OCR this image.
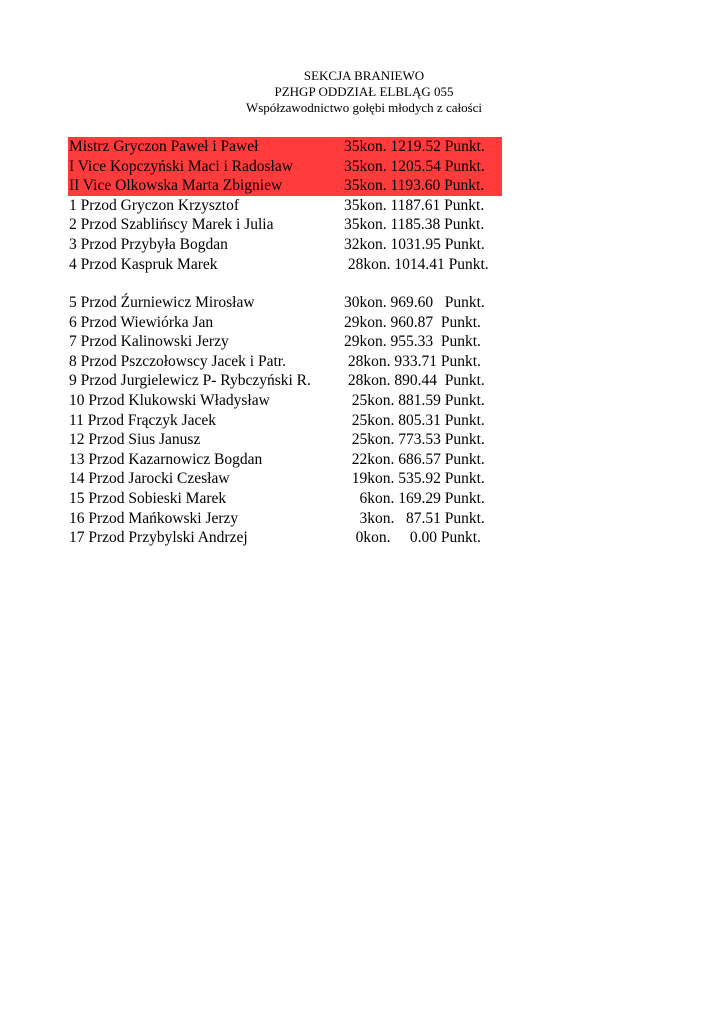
SEKCJA BRANIEWO
PZHGP ODDZIAŁ ELBLĄG 055
Współzawodnictwo gołębi młodych z całości
Mistrz Gryczon Paweł i Paweł	35kon. 1219.52 Punkt.
I Vice Kopczyński Maci i Radosław	35kon. 1205.54 Punkt.
II Vice Olkowska Marta Zbigniew	35kon. 1193.60 Punkt.
1 Przod Gryczon Krzysztof	35kon. 1187.61 Punkt.
2 Przod Szablińscy Marek i Julia	35kon. 1185.38 Punkt.
3 Przod Przybyła Bogdan	32kon. 1031.95 Punkt.
4 Przod Kaspruk Marek	28kon. 1014.41 Punkt.
5 Przod Źurniewicz Mirosław	30kon. 969.60   Punkt.
6 Przod Wiewiórka Jan	29kon. 960.87  Punkt.
7 Przod Kalinowski Jerzy	29kon. 955.33  Punkt.
8 Przod Pszczołowscy Jacek i Patr.	28kon. 933.71 Punkt.
9 Przod Jurgielewicz P- Rybczyński R. 28kon. 890.44  Punkt.
10 Przod Klukowski Władysław	25kon. 881.59 Punkt.
11 Przod Frączyk Jacek	25kon. 805.31 Punkt.
12 Przod Sius Janusz	25kon. 773.53 Punkt.
13 Przod Kazarnowicz Bogdan	22kon. 686.57 Punkt.
14 Przod Jarocki Czesław	19kon. 535.92 Punkt.
15 Przod Sobieski Marek	6kon. 169.29 Punkt.
16 Przod Mańkowski Jerzy	3kon.   87.51 Punkt.
17 Przod Przybylski Andrzej	0kon.     0.00 Punkt.
